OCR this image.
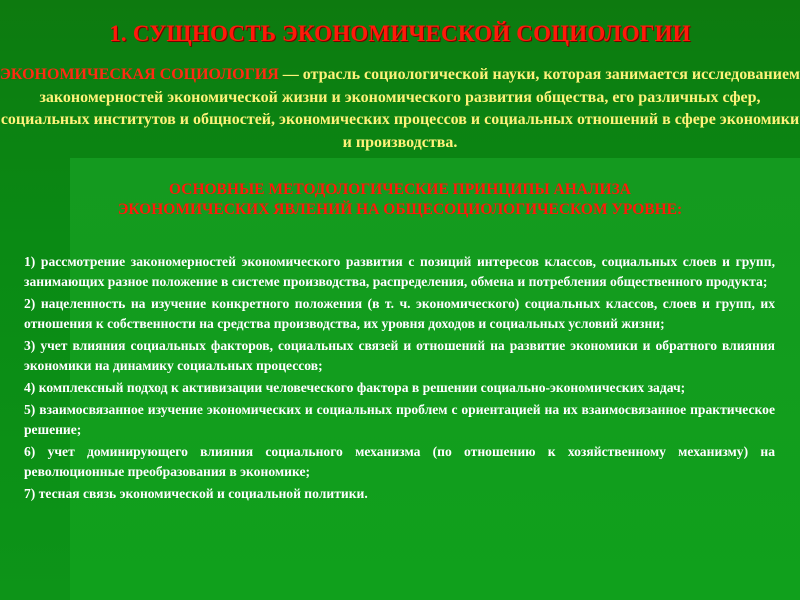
1. СУЩНОСТЬ ЭКОНОМИЧЕСКОЙ СОЦИОЛОГИИ
ЭКОНОМИЧЕСКАЯ СОЦИОЛОГИЯ — отрасль социологической науки, которая занимается исследованием закономерностей экономической жизни и экономического развития общества, его различных сфер, социальных институтов и общностей, экономических процессов и социальных отношений в сфере экономики и производства.
ОСНОВНЫЕ МЕТОДОЛОГИЧЕСКИЕ ПРИНЦИПЫ АНАЛИЗА ЭКОНОМИЧЕСКИХ ЯВЛЕНИЙ НА ОБЩЕСОЦИОЛОГИЧЕСКОМ УРОВНЕ:
1) рассмотрение закономерностей экономического развития с позиций интересов классов, социальных слоев и групп, занимающих разное положение в системе производства, распределения, обмена и потребления общественного продукта;
2) нацеленность на изучение конкретного положения (в т. ч. экономического) социальных классов, слоев и групп, их отношения к собственности на средства производства, их уровня доходов и социальных условий жизни;
3) учет влияния социальных факторов, социальных связей и отношений на развитие экономики и обратного влияния экономики на динамику социальных процессов;
4) комплексный подход к активизации человеческого фактора в решении социально-экономических задач;
5) взаимосвязанное изучение экономических и социальных проблем с ориентацией на их взаимосвязанное практическое решение;
6) учет доминирующего влияния социального механизма (по отношению к хозяйственному механизму) на революционные преобразования в экономике;
7) тесная связь экономической и социальной политики.
